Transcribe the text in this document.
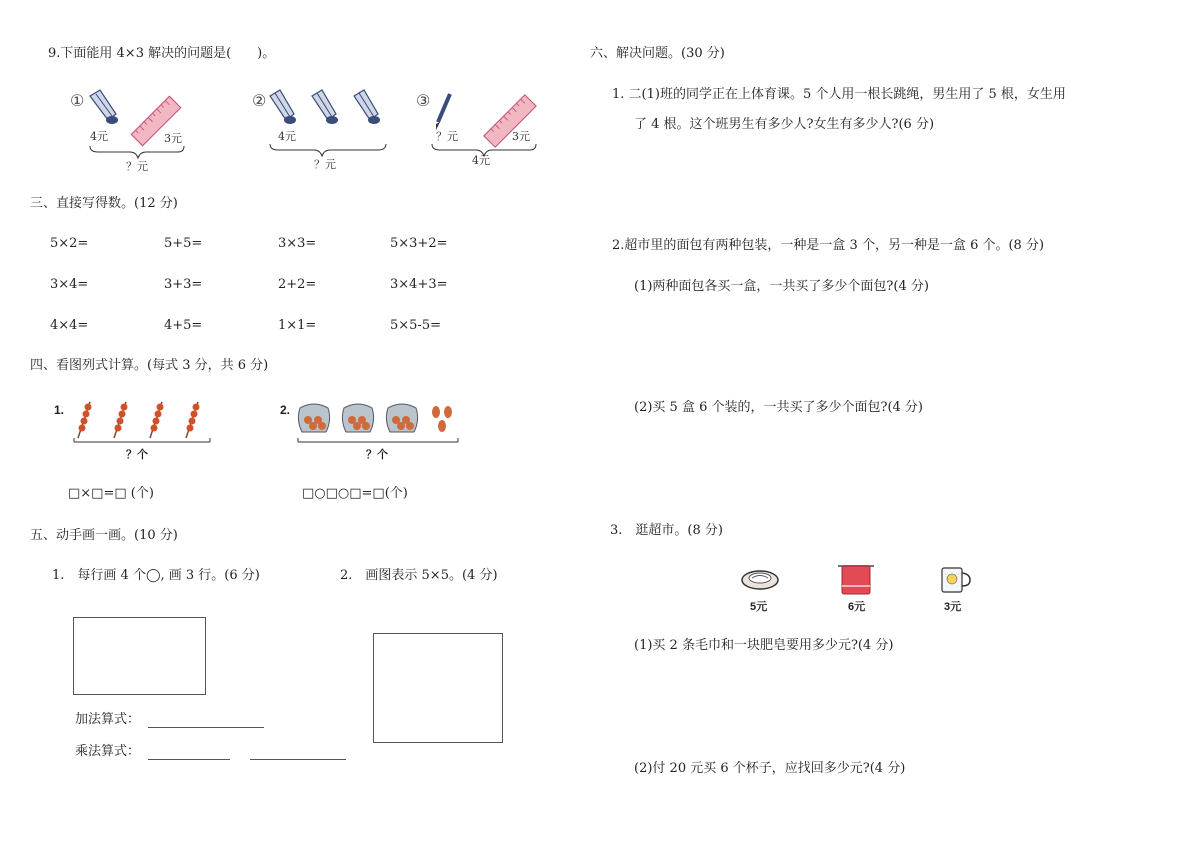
9.下面能用 4×3 解决的问题是(　　)。
①
4元	3元
？元
②
4元
？元
③
？元	3元
4元
三、直接写得数。(12 分)
5×2=	5+5=	3×3=	5×3+2=
3×4=	3+3=	2+2=	3×4+3=
4×4=	4+5=	1×1=	5×5-5=
四、看图列式计算。(每式 3 分，共 6 分)
1.
？个
□×□=□ (个)
2.
？个
□○□○□=□(个)
五、动手画一画。(10 分)
1.　每行画 4 个◯, 画 3 行。(6 分)	2.　画图表示 5×5。(4 分)
加法算式：
乘法算式：
六、解决问题。(30 分)
1. 二(1)班的同学正在上体育课。5 个人用一根长跳绳，男生用了 5 根，女生用
了 4 根。这个班男生有多少人?女生有多少人?(6 分)
2.超市里的面包有两种包装，一种是一盒 3 个，另一种是一盒 6 个。(8 分)
(1)两种面包各买一盒，一共买了多少个面包?(4 分)
(2)买 5 盒 6 个装的，一共买了多少个面包?(4 分)
3.　逛超市。(8 分)
5元	6元	3元
(1)买 2 条毛巾和一块肥皂要用多少元?(4 分)
(2)付 20 元买 6 个杯子，应找回多少元?(4 分)
